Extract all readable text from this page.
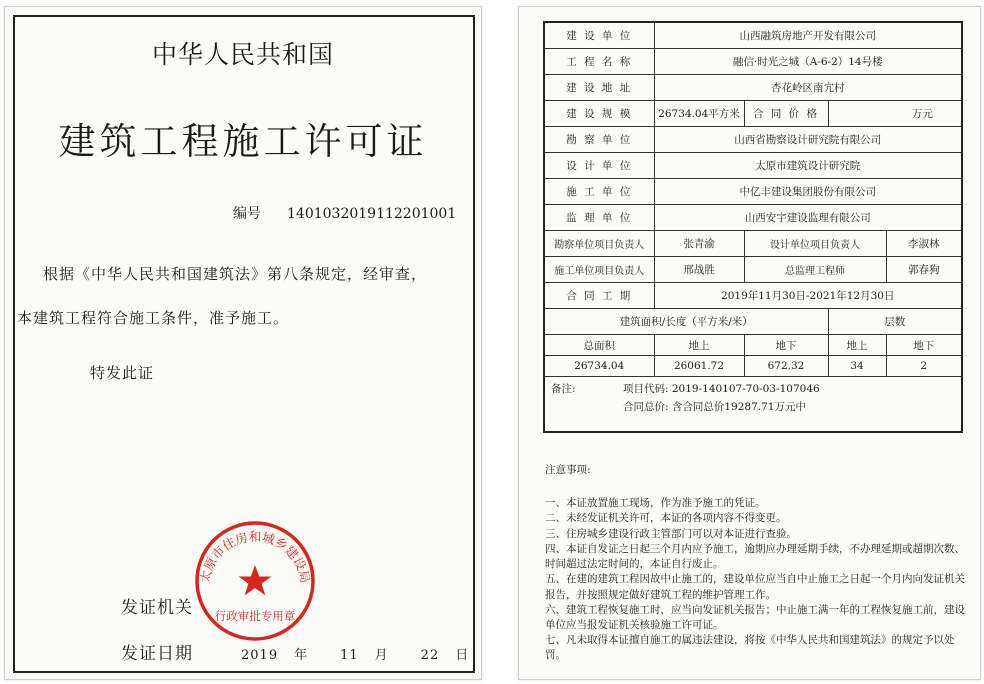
中华人民共和国
建筑工程施工许可证
编号 1401032019112201001
根据《中华人民共和国建筑法》第八条规定，经审查，
本建筑工程符合施工条件，准予施工。
特发此证
太原市住房和城乡建设局
行政审批专用章
发证机关
发证日期	2019 年 11 月 22 日
建 设 单 位	山西融筑房地产开发有限公司			
工 程 名 称	融信·时光之城（A-6-2）14号楼			
建 设 地 址	杏花岭区南宂村			
建 设 规 模	26734.04平方米	合 同 价 格	万元	
勘 察 单 位	山西省勘察设计研究院有限公司			
设 计 单 位	太原市建筑设计研究院			
施 工 单 位	中亿丰建设集团股份有限公司			
监 理 单 位	山西安宇建设监理有限公司			
勘察单位项目负责人	张青渝	设计单位项目负责人		李淑林
施工单位项目负责人	邢战胜	总监理工程师		郭春狗
合 同 工 期	2019年11月30日-2021年12月30日			
建筑面积/长度（平方米/米）			层数	
总面积	地上	地下	地上	地下
26734.04	26061.72	672.32	34	2

备注: 项目代码: 2019-140107-70-03-107046
合同总价: 含合同总价19287.71万元中				
注意事项:

一、本证放置施工现场，作为准予施工的凭证。

二、未经发证机关许可，本证的各项内容不得变更。

三、住房城乡建设行政主管部门可以对本证进行查验。

四、本证自发证之日起三个月内应予施工，逾期应办理延期手续，不办理延期或超期次数、时间超过法定时间的，本证自行废止。

五、在建的建筑工程因故中止施工的，建设单位应当自中止施工之日起一个月内向发证机关报告，并按照规定做好建筑工程的维护管理工作。

六、建筑工程恢复施工时，应当向发证机关报告；中止施工满一年的工程恢复施工前，建设单位应当报发证机关核验施工许可证。

七、凡未取得本证擅自施工的属违法建设，将按《中华人民共和国建筑法》的规定予以处罚。
